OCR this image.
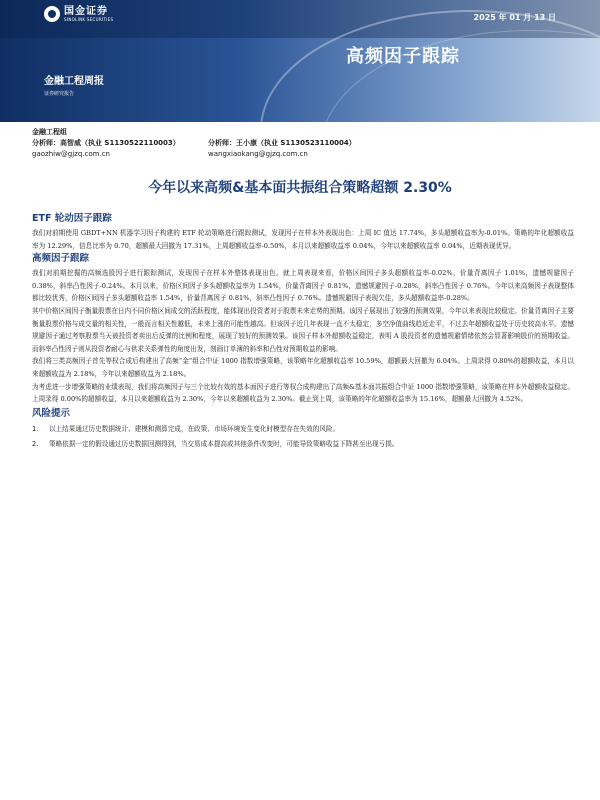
国金证券
SINOLINK SECURITIES	2025 年 01 月 13 日
高频因子跟踪
金融工程周报
证券研究报告
金融工程组
分析师：高智威（执业 S1130522110003）	分析师：王小康（执业 S1130523110004）
gaozhiw@gjzq.com.cn	wangxiaokang@gjzq.com.cn
今年以来高频&基本面共振组合策略超额 2.30%
ETF 轮动因子跟踪

我们对前期使用 GBDT+NN 机器学习因子构建的 ETF 轮动策略进行跟踪测试，发现因子在样本外表现出色：上周 IC 值达 17.74%，多头超额收益率为-0.01%。策略的年化超额收益率为 12.29%，信息比率为 0.70，超额最大回撤为 17.31%，上周超额收益率-0.50%，本月以来超额收益率 0.04%，今年以来超额收益率 0.04%，近期表现优异。

高频因子跟踪

我们对前期挖掘的高频选股因子进行跟踪测试，发现因子在样本外整体表现出色。就上周表现来看，价格区间因子多头超额收益率-0.02%，价量背离因子 1.01%，遗憾规避因子 0.38%，斜率凸性因子-0.24%。本月以来，价格区间因子多头超额收益率为 1.54%，价量背离因子 0.81%，遗憾规避因子-0.28%，斜率凸性因子 0.76%。今年以来高频因子表现整体都比较优秀，价格区间因子多头超额收益率 1.54%，价量背离因子 0.81%，斜率凸性因子 0.76%。遗憾规避因子表现欠佳，多头超额收益率-0.28%。

其中价格区间因子衡量股票在日内不同价格区间成交的活跃程度，能体现出投资者对于股票未来走势的预期。该因子展现出了较强的预测效果，今年以来表现比较稳定。价量背离因子主要衡量股票价格与成交量的相关性，一般而言相关性越低，未来上涨的可能性越高。但该因子近几年表现一直不太稳定，多空净值曲线趋近走平，不过去年超额收益处于历史较高水平。遗憾规避因子通过考察股票当天被投资者卖出后反弹的比例和程度，展现了较好的预测效果。该因子样本外超额收益稳定，表明 A 股投资者的遗憾规避情绪依然会显著影响股价的预期收益。而斜率凸性因子则从投资者耐心与供求关系弹性的角度出发，刻画订单簿的斜率和凸性对预期收益的影响。

我们将三类高频因子首先等权合成后构建出了高频“金”组合中证 1000 指数增强策略，该策略年化超额收益率 10.59%，超额最大回撤为 6.04%。上周录得 0.80%的超额收益，本月以来超额收益为 2.18%，今年以来超额收益为 2.18%。

为考虑进一步增强策略的业绩表现，我们将高频因子与三个比较有效的基本面因子进行等权合成构建出了高频&基本面共振组合中证 1000 指数增强策略，该策略在样本外超额收益稳定。上周录得 0.00%的超额收益，本月以来超额收益为 2.30%，今年以来超额收益为 2.30%。截止到上周，该策略的年化超额收益率为 15.16%，超额最大回撤为 4.52%。

风险提示
1.	以上结果通过历史数据统计、建模和测算完成，在政策、市场环境发生变化时模型存在失效的风险。
2.	策略依据一定的假设通过历史数据回测得到，当交易成本提高或其他条件改变时，可能导致策略收益下降甚至出现亏损。
